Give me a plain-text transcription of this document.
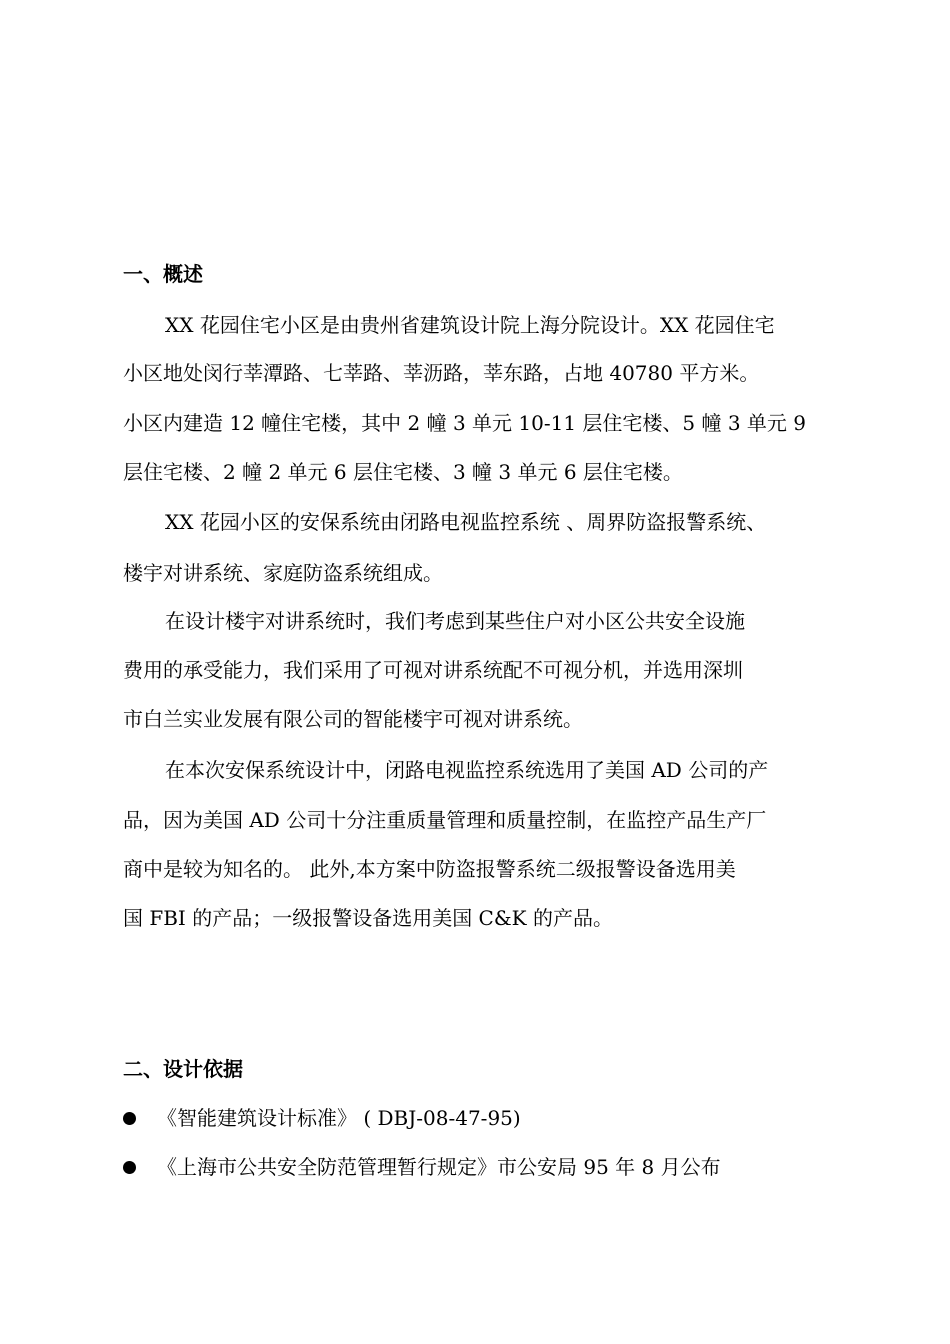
一、概述
XX 花园住宅小区是由贵州省建筑设计院上海分院设计。XX 花园住宅
小区地处闵行莘潭路、七莘路、莘沥路，莘东路，占地 40780 平方米。
小区内建造 12 幢住宅楼，其中 2 幢 3 单元 10-11 层住宅楼、5 幢 3 单元 9
层住宅楼、2 幢 2 单元 6 层住宅楼、3 幢 3 单元 6 层住宅楼。
XX 花园小区的安保系统由闭路电视监控系统 、周界防盗报警系统、
楼宇对讲系统、家庭防盗系统组成。
在设计楼宇对讲系统时，我们考虑到某些住户对小区公共安全设施
费用的承受能力，我们采用了可视对讲系统配不可视分机，并选用深圳
市白兰实业发展有限公司的智能楼宇可视对讲系统。
在本次安保系统设计中，闭路电视监控系统选用了美国 AD 公司的产
品，因为美国 AD 公司十分注重质量管理和质量控制，在监控产品生产厂
商中是较为知名的。 此外,本方案中防盗报警系统二级报警设备选用美
国 FBI 的产品；一级报警设备选用美国 C&K 的产品。
二、设计依据
《智能建筑设计标准》 ( DBJ-08-47-95)
《上海市公共安全防范管理暂行规定》市公安局 95 年 8 月公布
